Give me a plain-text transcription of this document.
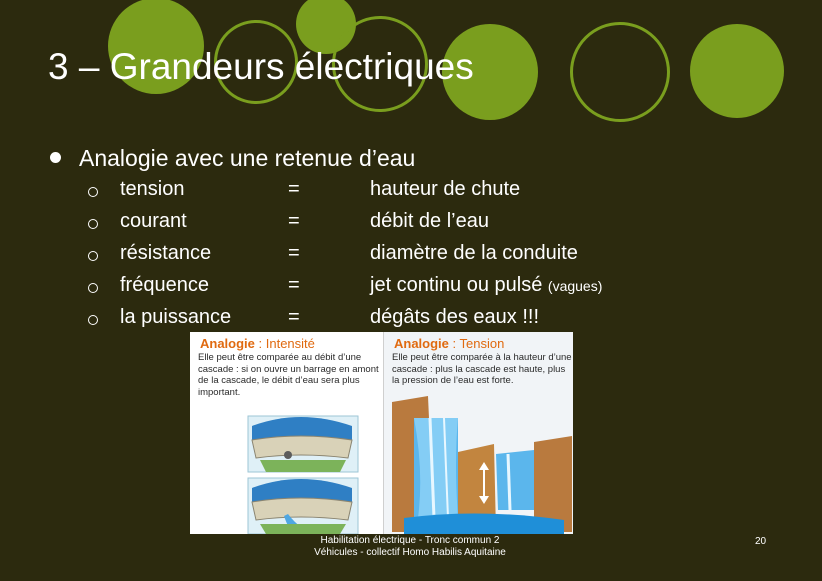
3 – Grandeurs électriques
Analogie avec une retenue d’eau
tension	=	hauteur de chute
courant	=	débit de l’eau
résistance	=	diamètre de la conduite
fréquence	=	jet continu ou pulsé (vagues)
la puissance	=	dégâts des eaux !!!
Analogie : Intensité
Elle peut être comparée au débit d’une cascade : si on ouvre un barrage en amont de la cascade, le débit d’eau sera plus important.
Analogie : Tension
Elle peut être comparée à la hauteur d’une cascade : plus la cascade est haute, plus la pression de l’eau est forte.
Habilitation électrique - Tronc commun 2
Véhicules - collectif Homo Habilis Aquitaine
20
